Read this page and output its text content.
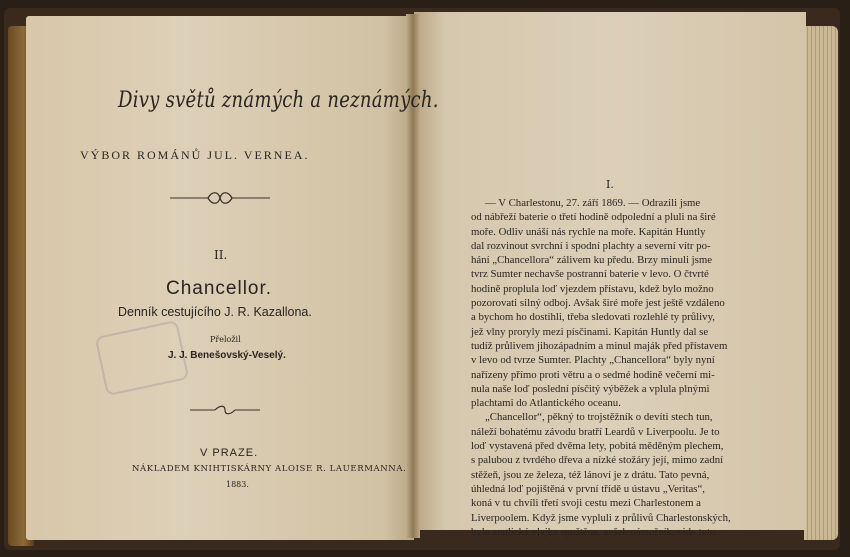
Divy světů známých a neznámých.
VÝBOR ROMÁNŮ JUL. VERNEA.
II.
Chancellor.
Denník cestujícího J. R. Kazallona.
Přeložil
J. J. Benešovský-Veselý.
V PRAZE.
NÁKLADEM KNIHTISKÁRNY ALOISE R. LAUERMANNA.
1883.
I.
— V Charlestonu, 27. září 1869. — Odrazili jsme
od nábřeží baterie o třetí hodině odpolední a pluli na širé
moře. Odliv unáší nás rychle na moře. Kapitán Huntly
dal rozvinout svrchní i spodní plachty a severní vítr po-
hání „Chancellora“ zálivem ku předu. Brzy minuli jsme
tvrz Sumter nechavše postranní baterie v levo. O čtvrté
hodině proplula loď vjezdem přístavu, kdež bylo možno
pozorovati silný odboj. Avšak širé moře jest ještě vzdáleno
a bychom ho dostihli, třeba sledovati rozlehlé ty průlivy,
jež vlny proryly mezi písčinami. Kapitán Huntly dal se
tudíž průlivem jihozápadním a minul maják před přístavem
v levo od tvrze Sumter. Plachty „Chancellora“ byly nyní
nařízeny přímo proti větru a o sedmé hodině večerní mi-
nula naše loď poslední písčitý výběžek a vplula plnými
plachtami do Atlantického oceanu.
„Chancellor“, pěkný to trojstěžník o devíti stech tun,
náleží bohatému závodu bratří Leardů v Liverpoolu. Je to
loď vystavená před dvěma lety, pobitá měděným plechem,
s palubou z tvrdého dřeva a nízké stožáry její, mimo zadní
stěžeň, jsou ze železa, též lánoví je z drátu. Tato pevná,
úhledná loď pojištěná v první třídě u ústavu „Veritas“,
koná v tu chvíli třetí svoji cestu mezi Charlestonem a
Liverpoolem. Když jsme vypluli z průlivů Charlestonských,
byla anglická vlajka spuštěna, avšak námořník, vida tuto
